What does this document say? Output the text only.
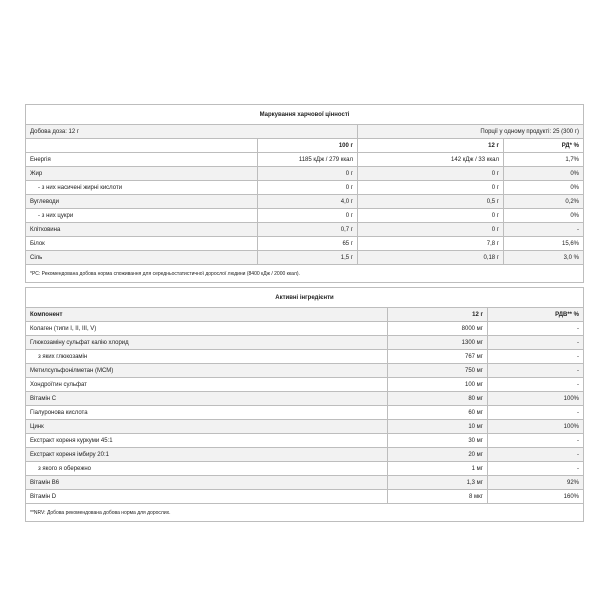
Маркування харчової цінності			
Добова доза: 12 г		Порції у одному продукті: 25 (300 г)	
	100 г	12 г	РД* %
Енергія	1185 кДж / 279 ккал	142 кДж / 33 ккал	1,7%
Жир	0 г	0 г	0%
- з них насичені жирні кислоти	0 г	0 г	0%
Вуглеводи	4,0 г	0,5 г	0,2%
- з них цукри	0 г	0 г	0%
Клітковина	0,7 г	0 г	-
Білок	65 г	7,8 г	15,6%
Сіль	1,5 г	0,18 г	3,0 %
*РС: Рекомендована добова норма споживання для середньостатистичної дорослої людини (8400 кДж / 2000 ккал).			
Активні інгредієнти		
Компонент	12 г	РДВ** %
Колаген (типи I, II, III, V)	8000 мг	-
Глюкозаміну сульфат калію хлорид	1300 мг	-
з яких глюкозамін	767 мг	-
Метилсульфонілметан (MCM)	750 мг	-
Хондроїтин сульфат	100 мг	-
Вітамін С	80 мг	100%
Гіалуронова кислота	60 мг	-
Цинк	10 мг	100%
Екстракт кореня куркуми 45:1	30 мг	-
Екстракт кореня імбиру 20:1	20 мг	-
з якого я обережно	1 мг	-
Вітамін В6	1,3 мг	92%
Вітамін D	8 мкг	160%
**NRV: Добова рекомендована добова норма для дорослих.		
